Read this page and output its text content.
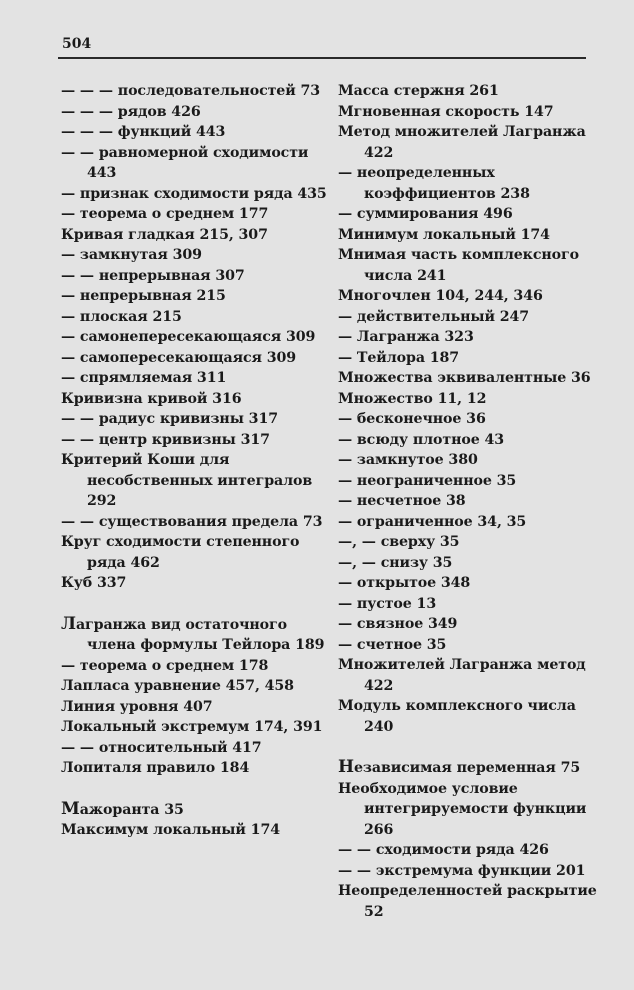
504

— — — последовательностей 73

— — — рядов 426

— — — функций 443

— — равномерной сходимости 443

— признак сходимости ряда 435

— теорема о среднем 177

Кривая гладкая 215, 307

— замкнутая 309

— — непрерывная 307

— непрерывная 215

— плоская 215

— самонепересекающаяся 309

— самопересекающаяся 309

— спрямляемая 311

Кривизна кривой 316

— — радиус кривизны 317

— — центр кривизны 317

Критерий Коши для несобственных интегралов 292

— — существования предела 73

Круг сходимости степенного ряда 462

Куб 337

Лагранжа вид остаточного члена формулы Тейлора 189

— теорема о среднем 178

Лапласа уравнение 457, 458

Линия уровня 407

Локальный экстремум 174, 391

— — относительный 417

Лопиталя правило 184

Мажоранта 35

Максимум локальный 174

Масса стержня 261

Мгновенная скорость 147

Метод множителей Лагранжа 422

— неопределенных коэффициентов 238

— суммирования 496

Минимум локальный 174

Мнимая часть комплексного числа 241

Многочлен 104, 244, 346

— действительный 247

— Лагранжа 323

— Тейлора 187

Множества эквивалентные 36

Множество 11, 12

— бесконечное 36

— всюду плотное 43

— замкнутое 380

— неограниченное 35

— несчетное 38

— ограниченное 34, 35

—, — сверху 35

—, — снизу 35

— открытое 348

— пустое 13

— связное 349

— счетное 35

Множителей Лагранжа метод 422

Модуль комплексного числа 240

Независимая переменная 75

Необходимое условие интегрируемости функции 266

— — сходимости ряда 426

— — экстремума функции 201

Неопределенностей раскрытие 52
